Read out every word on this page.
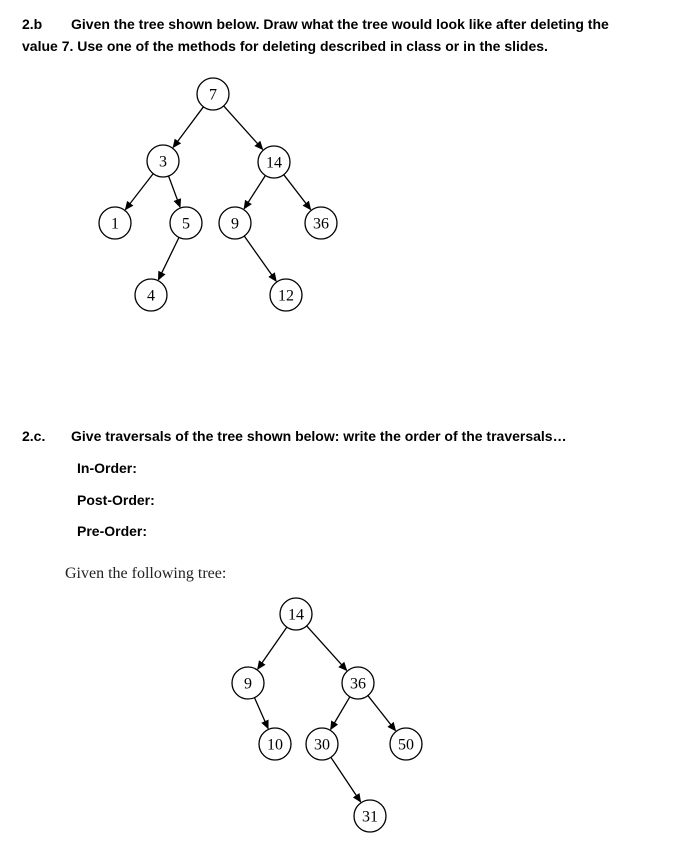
2.b Given the tree shown below. Draw what the tree would look like after deleting the
value 7. Use one of the methods for deleting described in class or in the slides.
7
3	14
1	5	9	36
4	12
2.c. Give traversals of the tree shown below: write the order of the traversals…
In-Order:
Post-Order:
Pre-Order:
Given the following tree:
14
9	36
10 30	50
31
